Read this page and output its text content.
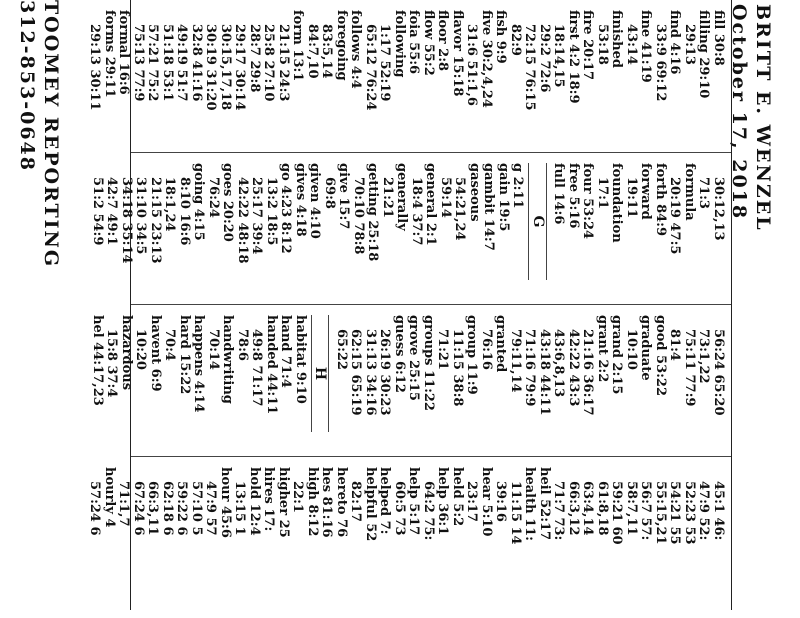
BRITT E. WENZEL
October 17, 2018
fill 30:8
filling 29:10
29:13
find 4:16
33:9 69:12
fine 41:19
43:14
finished
53:18
fire 20:17
first 4:2 18:9
18:14,15
29:2 72:6
72:15 76:15
82:9
fish 9:9
five 30:2,4,24
31:6 51:1,6
flavor 15:18
floor 2:8
flow 55:2
foia 55:6
following
1:17 52:19
65:12 76:24
follows 4:4
foregoing
83:5,14
84:7,10
form 13:1
21:15 24:3
25:8 27:10
28:7 29:8
29:17 30:14
30:15,17,18
30:19 31:20
32:8 41:16
49:19 51:7
51:18 53:1
57:21 75:2
75:13 77:9
formal 16:6
forms 29:11
29:13 30:11
30:12,13
71:3
formula
20:19 47:5
forth 84:9
forward
19:11
foundation
17:1
four 53:24
free 5:16
full 14:6
G
g 2:11
gain 19:5
gambit 14:7
gaseous
54:21,24
59:14
general 2:1
18:4 37:7
generally
21:21
getting 25:18
70:10 78:8
give 15:7
69:8
given 4:10
gives 4:18
go 4:23 8:12
13:2 18:5
25:17 39:4
42:22 48:18
goes 20:20
76:24
going 4:15
8:10 16:6
18:1,24
21:15 23:13
31:10 34:5
34:18 35:14
42:7 49:1
51:2 54:9
56:24 65:20
73:1,22
75:11 77:9
81:4
good 53:22
graduate
10:10
grand 2:15
grant 2:2
21:16 36:17
42:22 43:3
43:6,8,13
43:18 44:11
71:16 79:9
79:11,14
granted
76:16
group 11:9
11:15 38:8
71:21
groups 11:22
grove 25:15
guess 6:12
26:19 30:23
31:13 34:16
62:15 65:19
65:22
H
habitat 9:10
hand 71:4
handed 44:11
49:8 71:17
78:6
handwriting
70:14
happens 4:14
hard 15:22
70:4
havent 6:9
10:20
hazardous
15:8 37:4
hel 44:17,23
45:1 46:
47:9 52:
52:23 53
54:21 55
55:15,21
56:7 57:
58:7,11
59:21 60
61:8,18
63:4,14
66:3,12
71:7 73:
heil 52:17
health 11:
11:15 14
39:16
hear 5:10
23:17
held 5:2
help 36:1
64:2 75:
help 5:17
60:5 73
helped 7:
helpful 52
82:17
hereto 76
hes 81:16
high 8:12
22:1
higher 25
hires 17:
hold 12:4
13:15 1
hour 45:6
47:9 57
57:10 5
59:22 6
62:18 6
66:3,11
67:24 6
71:1,7
hourly 4
57:24 6
TOOMEY REPORTING
312-853-0648
